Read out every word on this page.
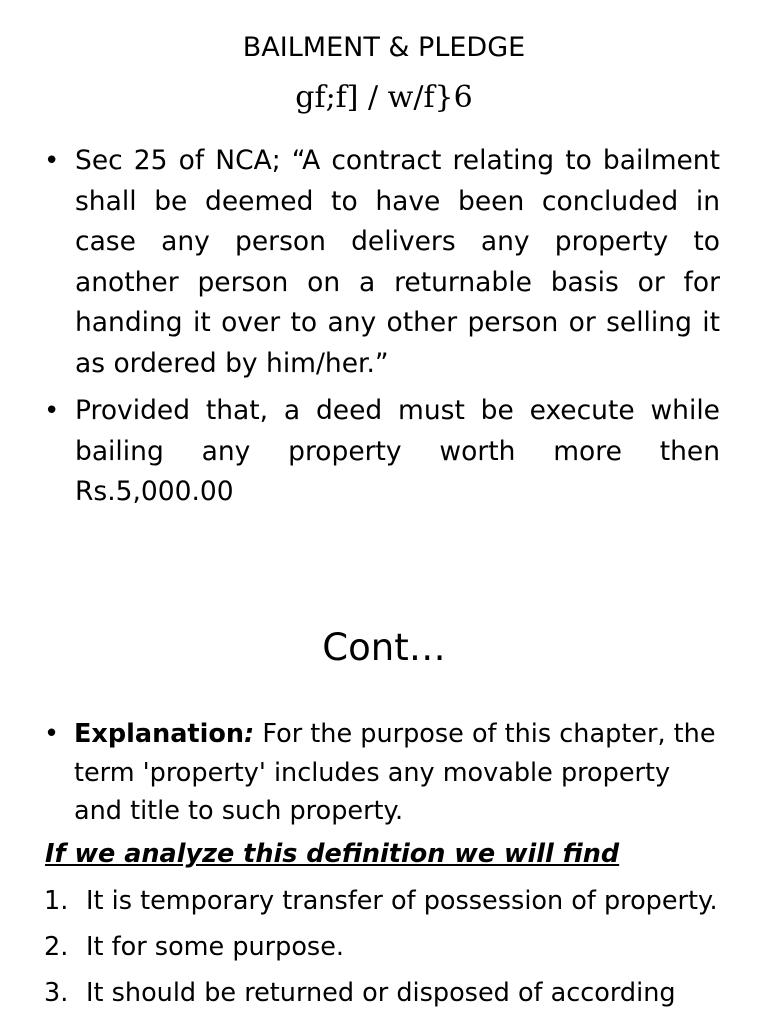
BAILMENT & PLEDGE
gf;f] / w/f}6
• Sec 25 of NCA; “A contract relating to bailment shall be deemed to have been concluded in case any person delivers any property to another person on a returnable basis or for handing it over to any other person or selling it as ordered by him/her.”
• Provided that, a deed must be execute while bailing any property worth more then Rs.5,000.00
Cont…
• Explanation: For the purpose of this chapter, the term 'property' includes any movable property and title to such property.
If we analyze this definition we will find
1. It is temporary transfer of possession of property.
2. It for some purpose.
3. It should be returned or disposed of according
